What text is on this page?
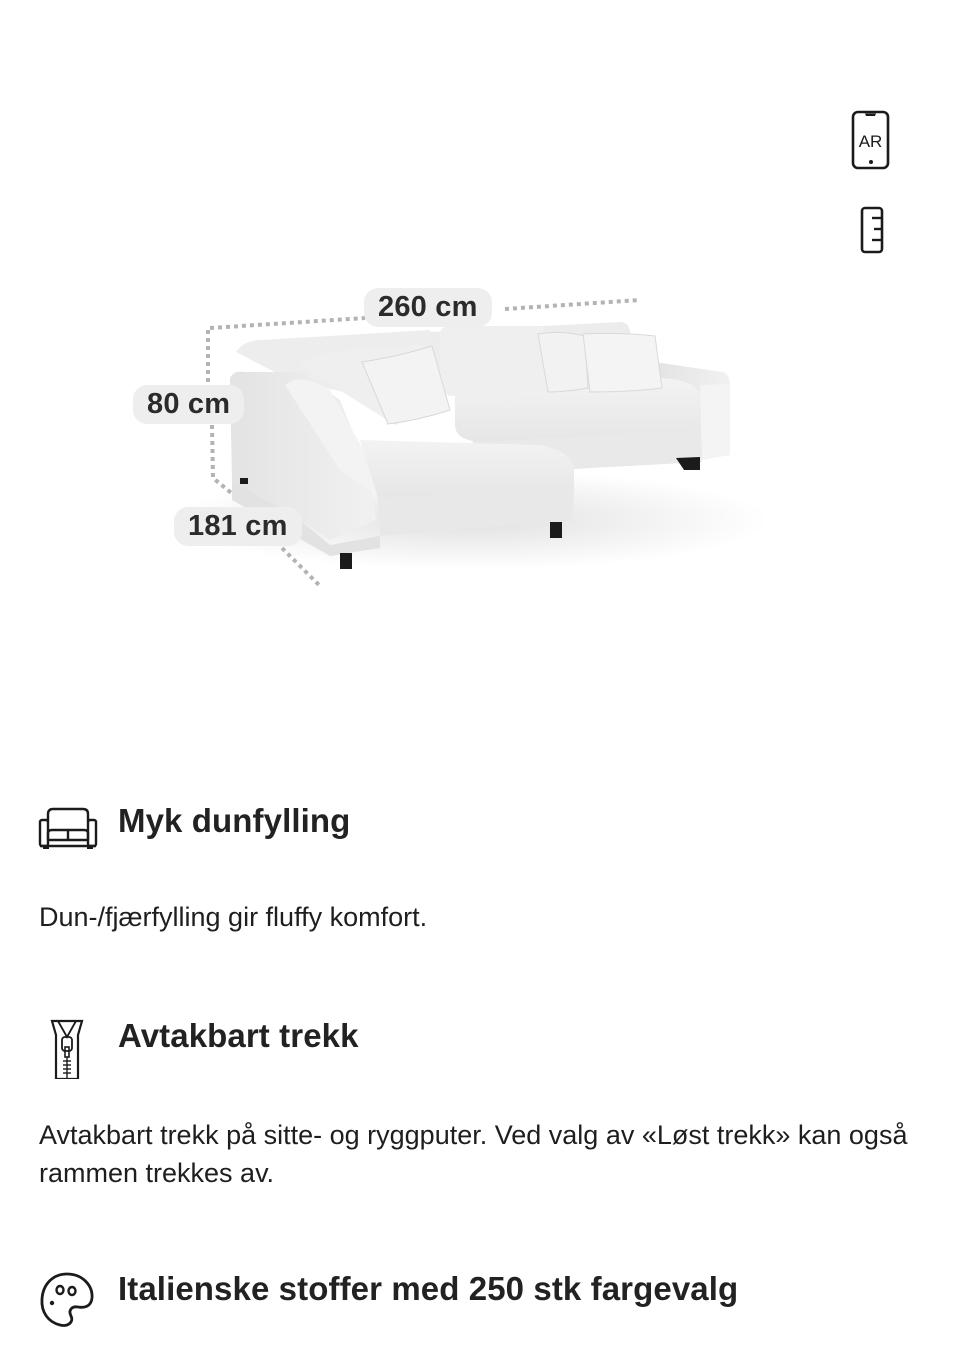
260 cm
80 cm
181 cm
AR
Myk dunfylling
Dun-/fjærfylling gir fluffy komfort.
Avtakbart trekk
Avtakbart trekk på sitte- og ryggputer. Ved valg av «Løst trekk» kan også rammen trekkes av.
Italienske stoffer med 250 stk fargevalg
